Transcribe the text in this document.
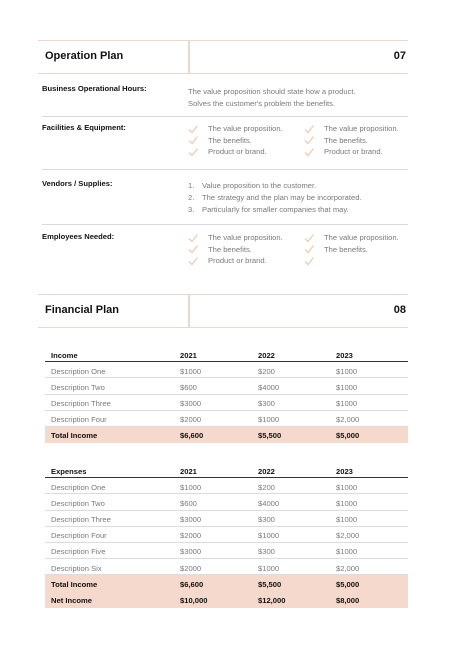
Operation Plan	07
Business Operational Hours:	The value proposition should state how a product.
Solves the customer's problem the benefits.
Facilities & Equipment:	The value proposition.
The benefits.
Product or brand.
The value proposition.
The benefits.
Product or brand.
Vendors / Supplies:	1.	Value proposition to the customer.
2.	The strategy and the plan may be incorporated.
3.	Particularly for smaller companies that may.
Employees Needed:	The value proposition.
The benefits.
Product or brand.
The value proposition.
The benefits.
Financial Plan	08
Income	2021	2022	2023
Description One	$1000	$200	$1000
Description Two	$600	$4000	$1000
Description Three	$3000	$300	$1000
Description Four	$2000	$1000	$2,000
Total Income	$6,600	$5,500	$5,000
Expenses	2021	2022	2023
Description One	$1000	$200	$1000
Description Two	$600	$4000	$1000
Description Three	$3000	$300	$1000
Description Four	$2000	$1000	$2,000
Description Five	$3000	$300	$1000
Description Six	$2000	$1000	$2,000
Total Income	$6,600	$5,500	$5,000
Net Income	$10,000	$12,000	$8,000
